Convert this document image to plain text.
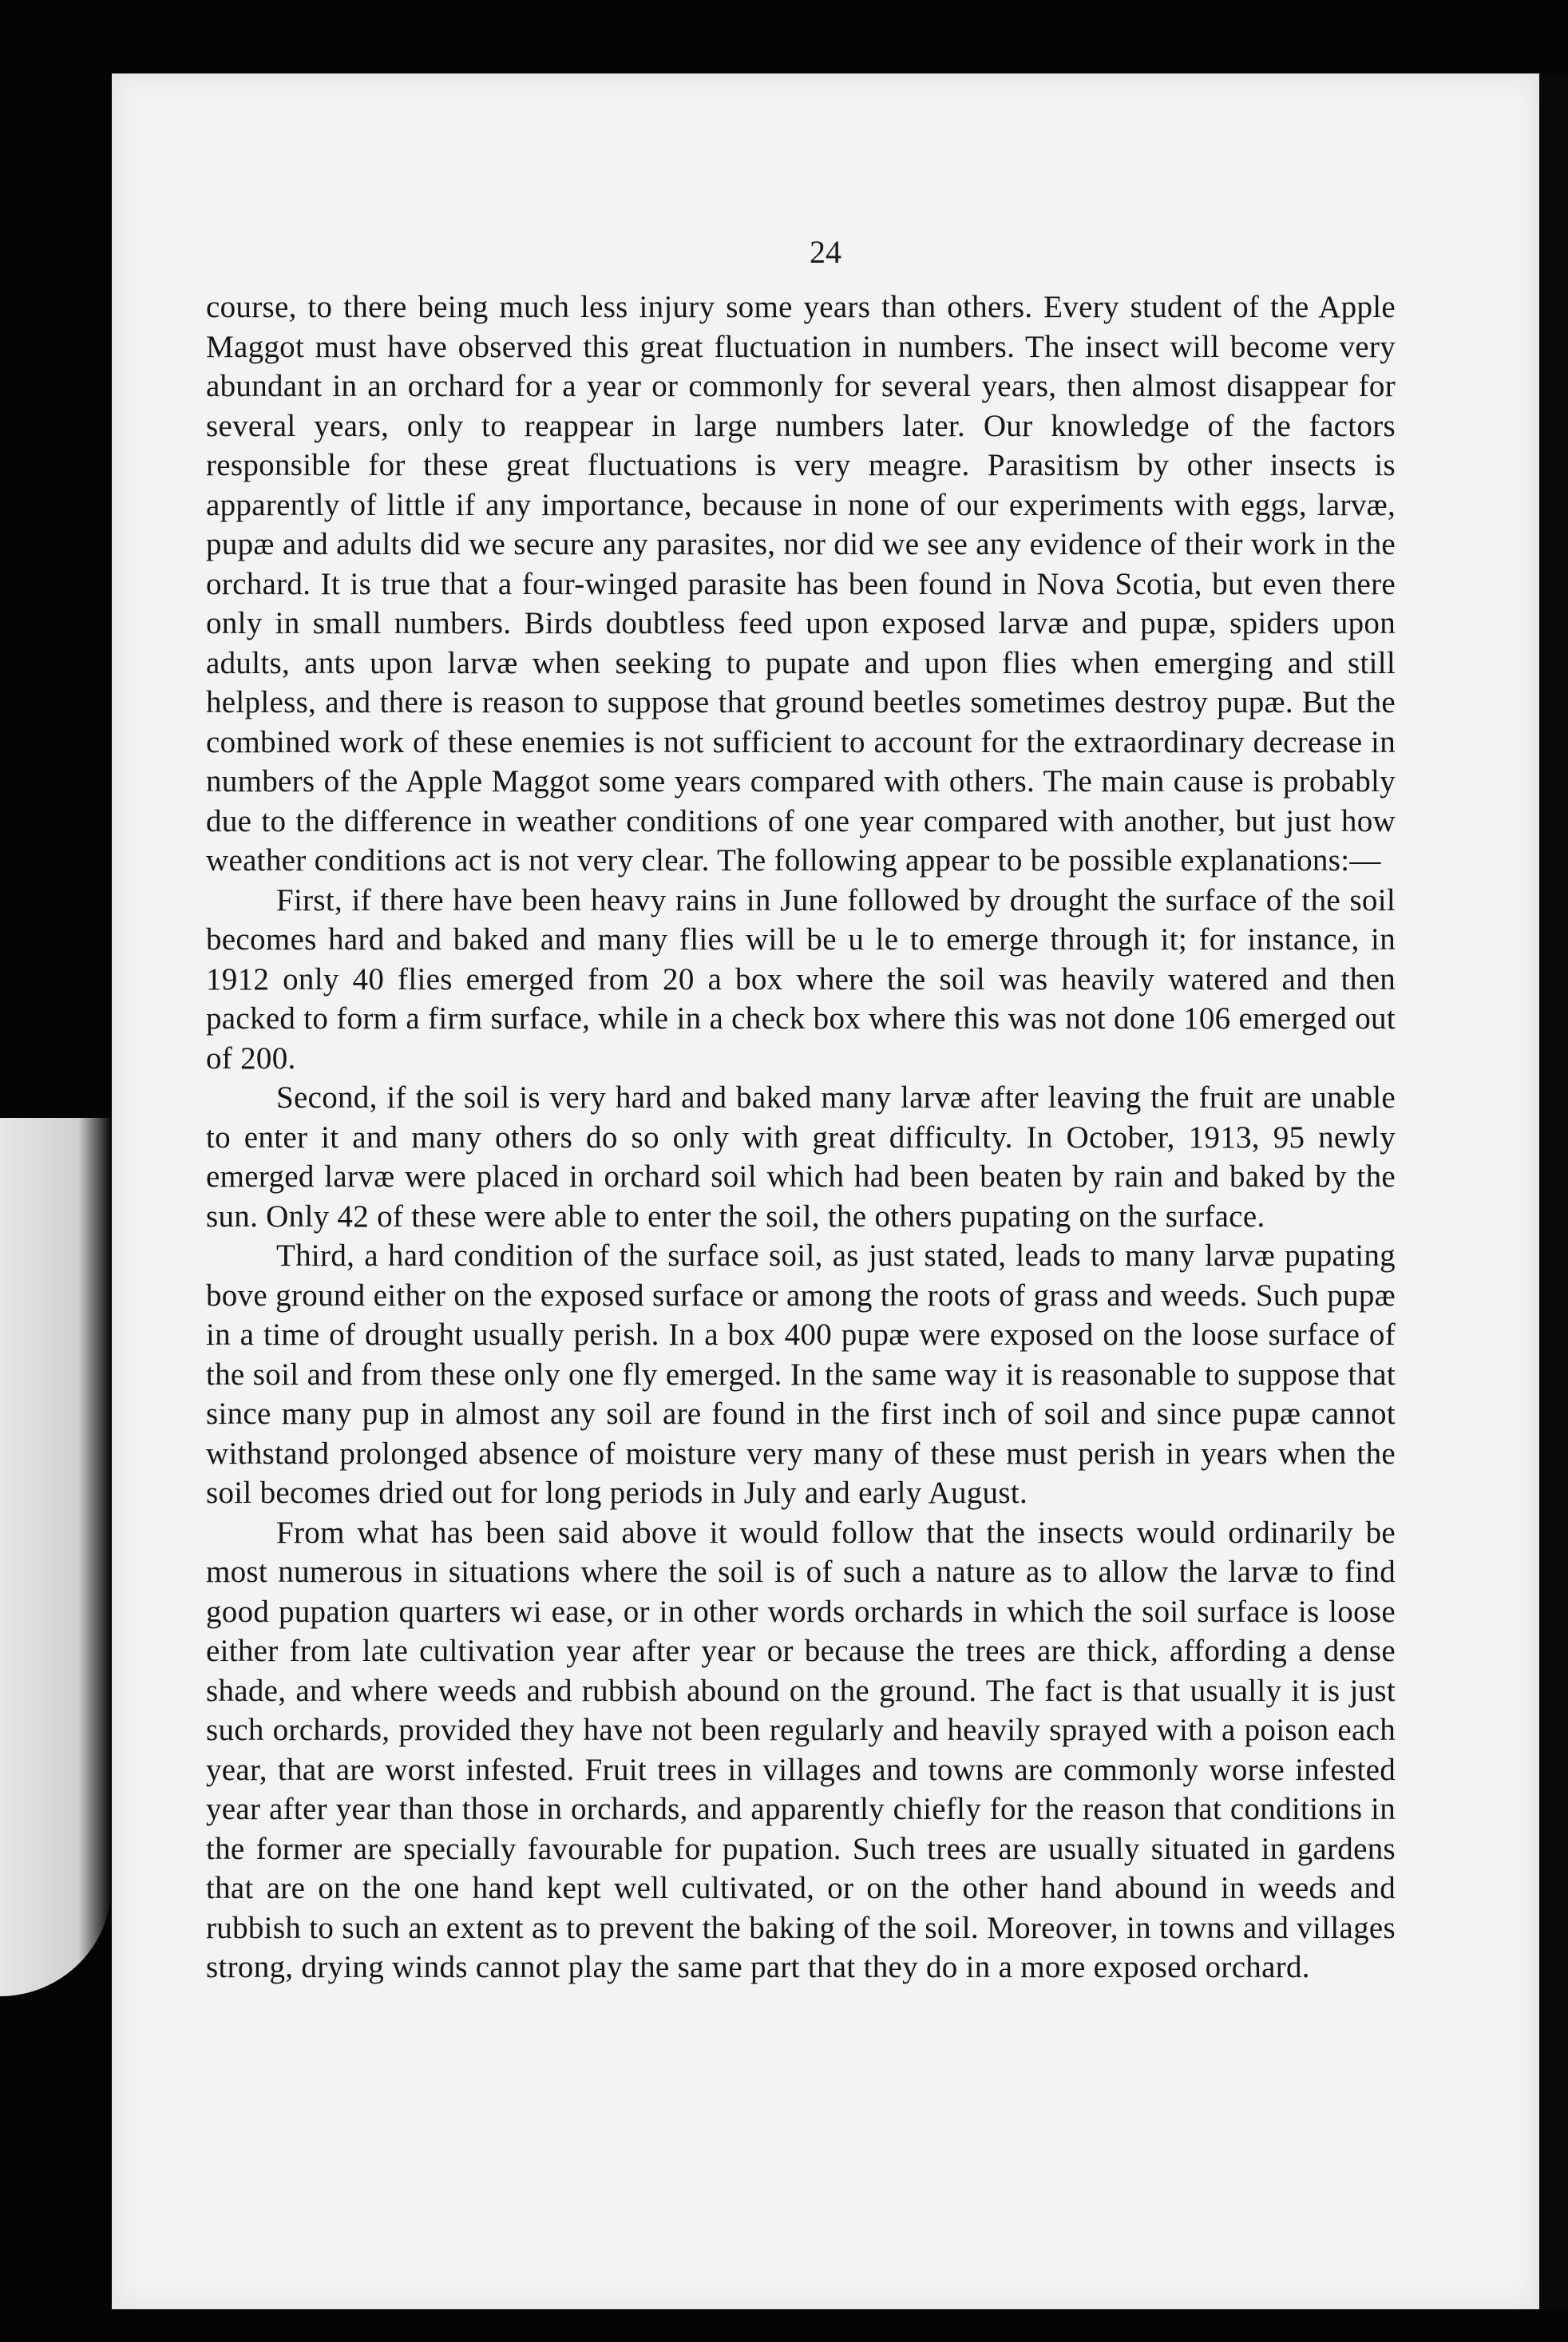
24

course, to there being much less injury some years than others. Every student of the Apple Maggot must have observed this great fluctuation in numbers. The insect will become very abundant in an orchard for a year or commonly for several years, then almost disappear for several years, only to reappear in large numbers later. Our knowledge of the factors responsible for these great fluctuations is very meagre. Parasitism by other insects is apparently of little if any importance, because in none of our experiments with eggs, larvæ, pupæ and adults did we secure any parasites, nor did we see any evidence of their work in the orchard. It is true that a four-winged parasite has been found in Nova Scotia, but even there only in small numbers. Birds doubtless feed upon exposed larvæ and pupæ, spiders upon adults, ants upon larvæ when seeking to pupate and upon flies when emerging and still helpless, and there is reason to suppose that ground beetles sometimes destroy pupæ. But the combined work of these enemies is not sufficient to account for the extraordinary decrease in numbers of the Apple Maggot some years compared with others. The main cause is probably due to the difference in weather conditions of one year compared with another, but just how weather conditions act is not very clear. The following appear to be possible explanations:—

First, if there have been heavy rains in June followed by drought the surface of the soil becomes hard and baked and many flies will be u le to emerge through it; for instance, in 1912 only 40 flies emerged from 20 a box where the soil was heavily watered and then packed to form a firm surface, while in a check box where this was not done 106 emerged out of 200.

Second, if the soil is very hard and baked many larvæ after leaving the fruit are unable to enter it and many others do so only with great difficulty. In October, 1913, 95 newly emerged larvæ were placed in orchard soil which had been beaten by rain and baked by the sun. Only 42 of these were able to enter the soil, the others pupating on the surface.

Third, a hard condition of the surface soil, as just stated, leads to many larvæ pupating bove ground either on the exposed surface or among the roots of grass and weeds. Such pupæ in a time of drought usually perish. In a box 400 pupæ were exposed on the loose surface of the soil and from these only one fly emerged. In the same way it is reasonable to suppose that since many pup in almost any soil are found in the first inch of soil and since pupæ cannot withstand prolonged absence of moisture very many of these must perish in years when the soil becomes dried out for long periods in July and early August.

From what has been said above it would follow that the insects would ordinarily be most numerous in situations where the soil is of such a nature as to allow the larvæ to find good pupation quarters wi ease, or in other words orchards in which the soil surface is loose either from late cultivation year after year or because the trees are thick, affording a dense shade, and where weeds and rubbish abound on the ground. The fact is that usually it is just such orchards, provided they have not been regularly and heavily sprayed with a poison each year, that are worst infested. Fruit trees in villages and towns are commonly worse infested year after year than those in orchards, and apparently chiefly for the reason that conditions in the former are specially favourable for pupation. Such trees are usually situated in gardens that are on the one hand kept well cultivated, or on the other hand abound in weeds and rubbish to such an extent as to prevent the baking of the soil. Moreover, in towns and villages strong, drying winds cannot play the same part that they do in a more exposed orchard.
